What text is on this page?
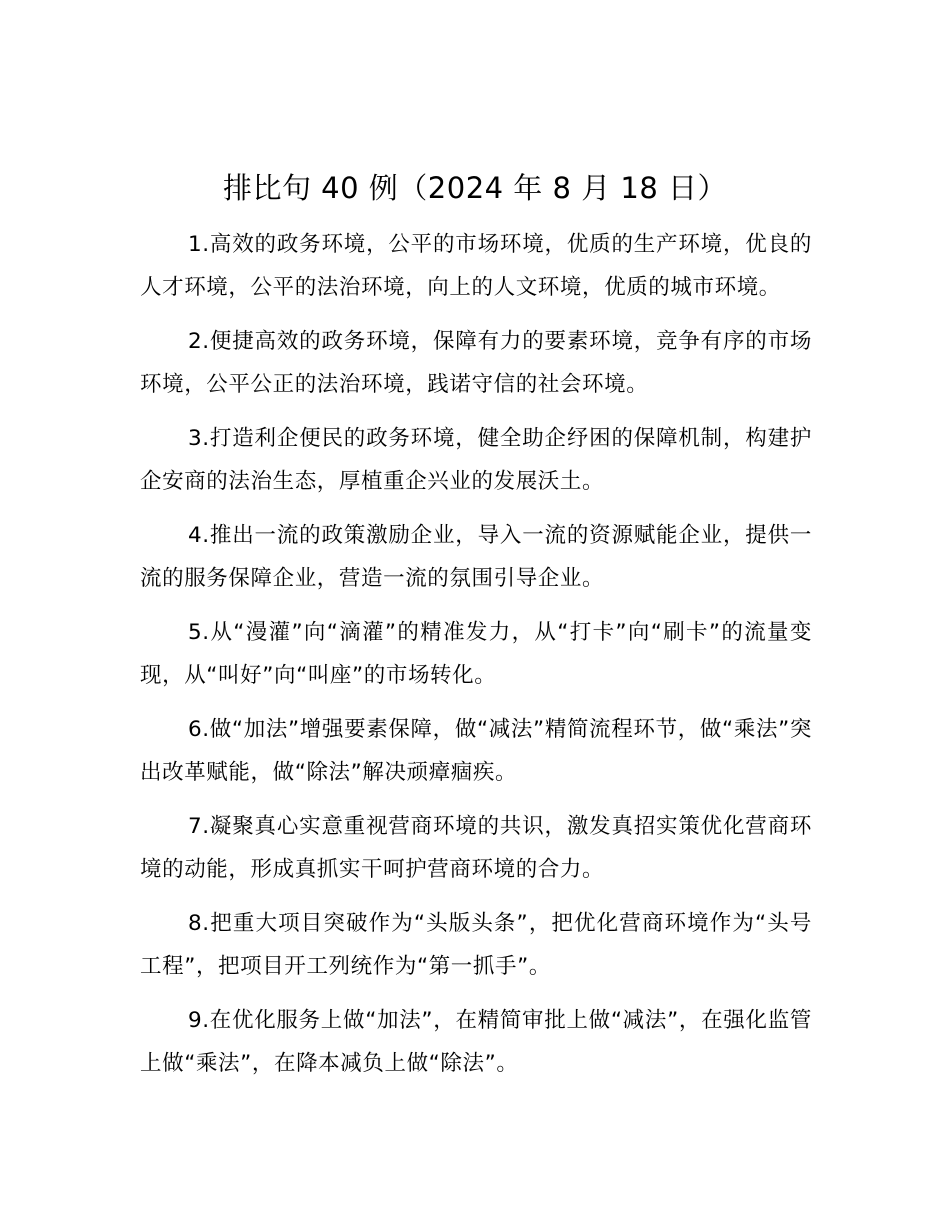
排比句 40 例（2024 年 8 月 18 日）

1.高效的政务环境，公平的市场环境，优质的生产环境，优良的人才环境，公平的法治环境，向上的人文环境，优质的城市环境。

2.便捷高效的政务环境，保障有力的要素环境，竞争有序的市场环境，公平公正的法治环境，践诺守信的社会环境。

3.打造利企便民的政务环境，健全助企纾困的保障机制，构建护企安商的法治生态，厚植重企兴业的发展沃土。

4.推出一流的政策激励企业，导入一流的资源赋能企业，提供一流的服务保障企业，营造一流的氛围引导企业。

5.从“漫灌”向“滴灌”的精准发力，从“打卡”向“刷卡”的流量变现，从“叫好”向“叫座”的市场转化。

6.做“加法”增强要素保障，做“减法”精简流程环节，做“乘法”突出改革赋能，做“除法”解决顽瘴痼疾。

7.凝聚真心实意重视营商环境的共识，激发真招实策优化营商环境的动能，形成真抓实干呵护营商环境的合力。

8.把重大项目突破作为“头版头条”，把优化营商环境作为“头号工程”，把项目开工列统作为“第一抓手”。

9.在优化服务上做“加法”，在精简审批上做“减法”，在强化监管上做“乘法”，在降本减负上做“除法”。
